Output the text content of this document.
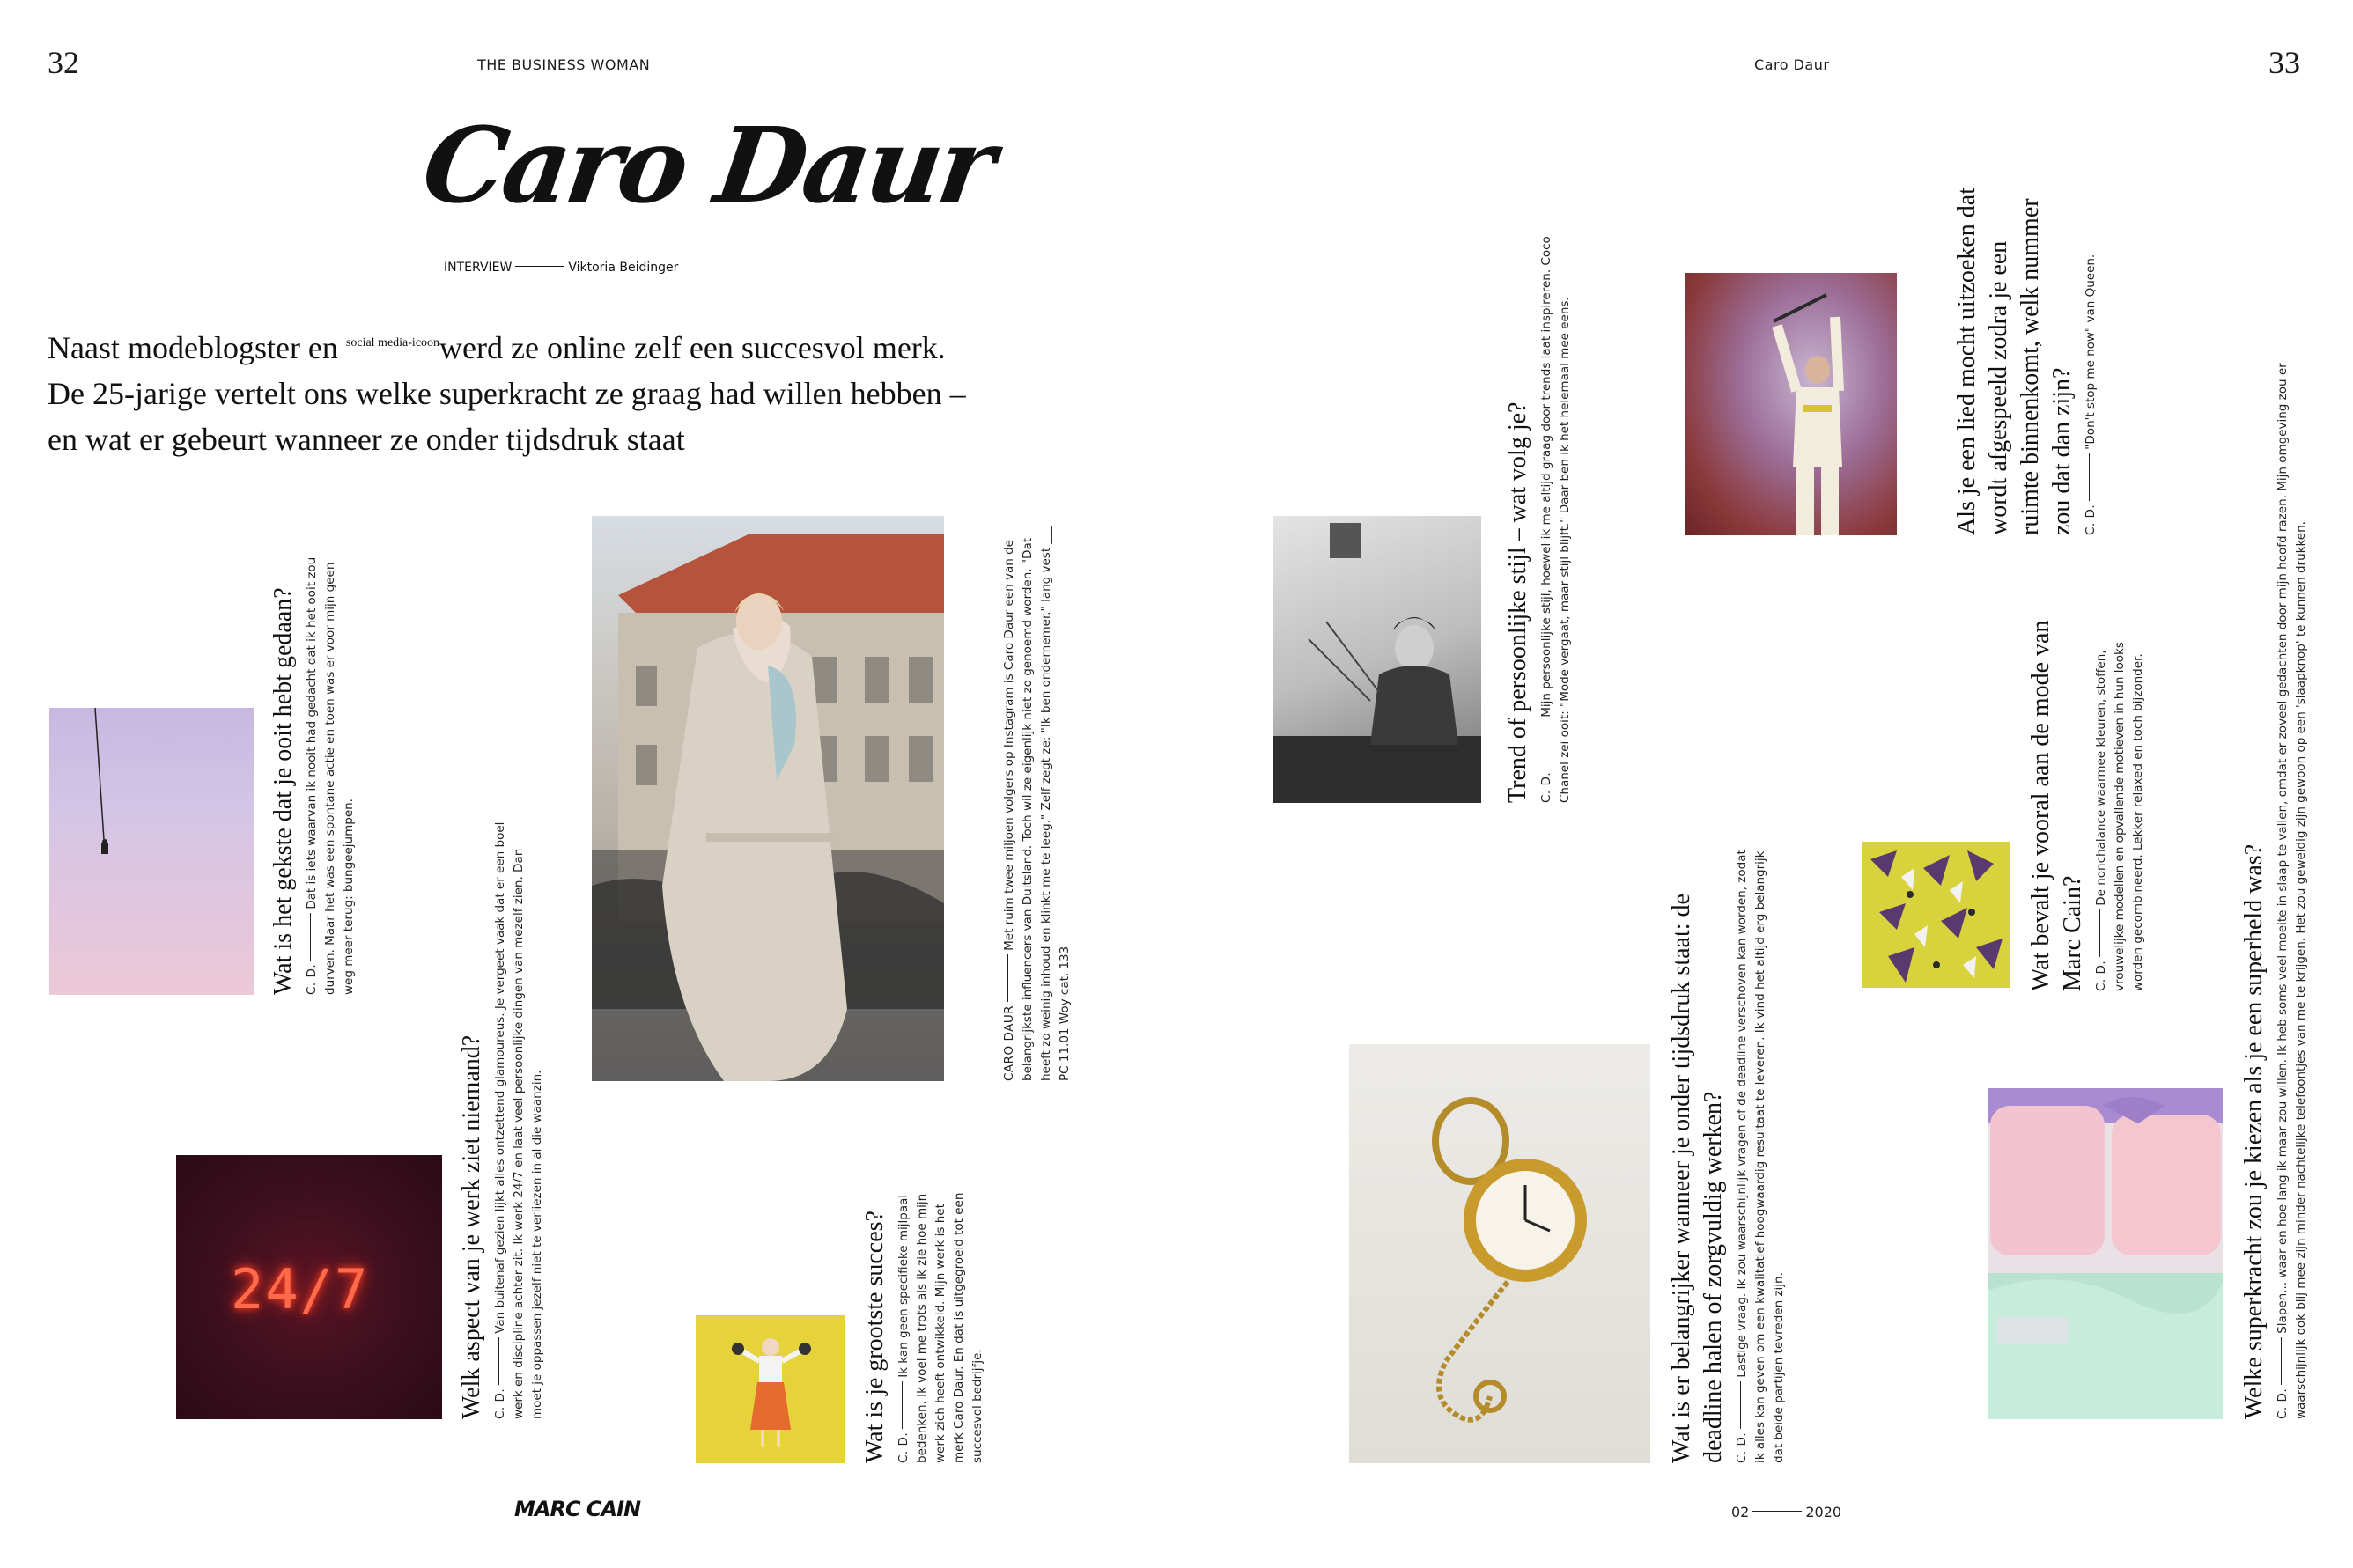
32	THE BUSINESS WOMAN	Caro Daur	33
Caro Daur
INTERVIEW	Viktoria Beidinger
Naast modeblogster en $^{social media-icoon}$werd ze online zelf een succesvol merk.
De 25-jarige vertelt ons welke superkracht ze graag had willen hebben –
en wat er gebeurt wanneer ze onder tijdsdruk staat
24/7

Wat is het gekste dat je ooit hebt gedaan? C. D.Dat is iets waarvan ik nooit had gedacht dat ik het ooit zou durven. Maar het was een spontane actie en toen was er voor mijn geen weg meer terug: bungeejumpen.

Welk aspect van je werk ziet niemand? C. D.Van buitenaf gezien lijkt alles ontzettend glamoureus. Je vergeet vaak dat er een boel werk en discipline achter zit. Ik werk 24/7 en laat veel persoonlijke dingen van mezelf zien. Dan moet je oppassen jezelf niet te verliezen in al die waanzin.	Wat is je grootste succes? C. D.Ik kan geen specifieke mijlpaal bedenken. Ik voel me trots als ik zie hoe mijn werk zich heeft ontwikkeld. Mijn werk is het merk Caro Daur. En dat is uitgegroeid tot een succesvol bedrijfje.

CARO DAURMet ruim twee miljoen volgers op Instagram is Caro Daur een van de belangrijkste influencers van Duitsland. Toch wil ze eigenlijk niet zo genoemd worden. "Dat heeft zo weinig inhoud en klinkt me te leeg." Zelf zegt ze: "Ik ben ondernemer." lang vest ___ PC 11.01 Woy cat. 133

Trend of persoonlijke stijl – wat volg je? C. D.Mijn persoonlijke stijl, hoewel ik me altijd graag door trends laat inspireren. Coco Chanel zei ooit: "Mode vergaat, maar stijl blijft." Daar ben ik het helemaal mee eens.

Wat is er belangrijker wanneer je onder tijdsdruk staat: de deadline halen of zorgvuldig werken? C. D.Lastige vraag. Ik zou waarschijnlijk vragen of de deadline verschoven kan worden, zodat ik alles kan geven om een kwalitatief hoogwaardig resultaat te leveren. Ik vind het altijd erg belangrijk dat beide partijen tevreden zijn.

Als je een lied mocht uitzoeken dat wordt afgespeeld zodra je een ruimte binnenkomt, welk nummer zou dat dan zijn? C. D."Don't stop me now" van Queen.

Wat bevalt je vooral aan de mode van Marc Cain? C. D.De nonchalance waarmee kleuren, stoffen, vrouwelijke modellen en opvallende motieven in hun looks worden gecombineerd. Lekker relaxed en toch bijzonder.

Welke superkracht zou je kiezen als je een superheld was? C. D.Slapen... waar en hoe lang ik maar zou willen. Ik heb soms veel moeite in slaap te vallen, omdat er zoveel gedachten door mijn hoofd razen. Mijn omgeving zou er waarschijnlijk ook blij mee zijn minder nachtelijke telefoontjes van me te krijgen. Het zou geweldig zijn gewoon op een 'slaapknop' te kunnen drukken.

MARC CAIN	02	2020
